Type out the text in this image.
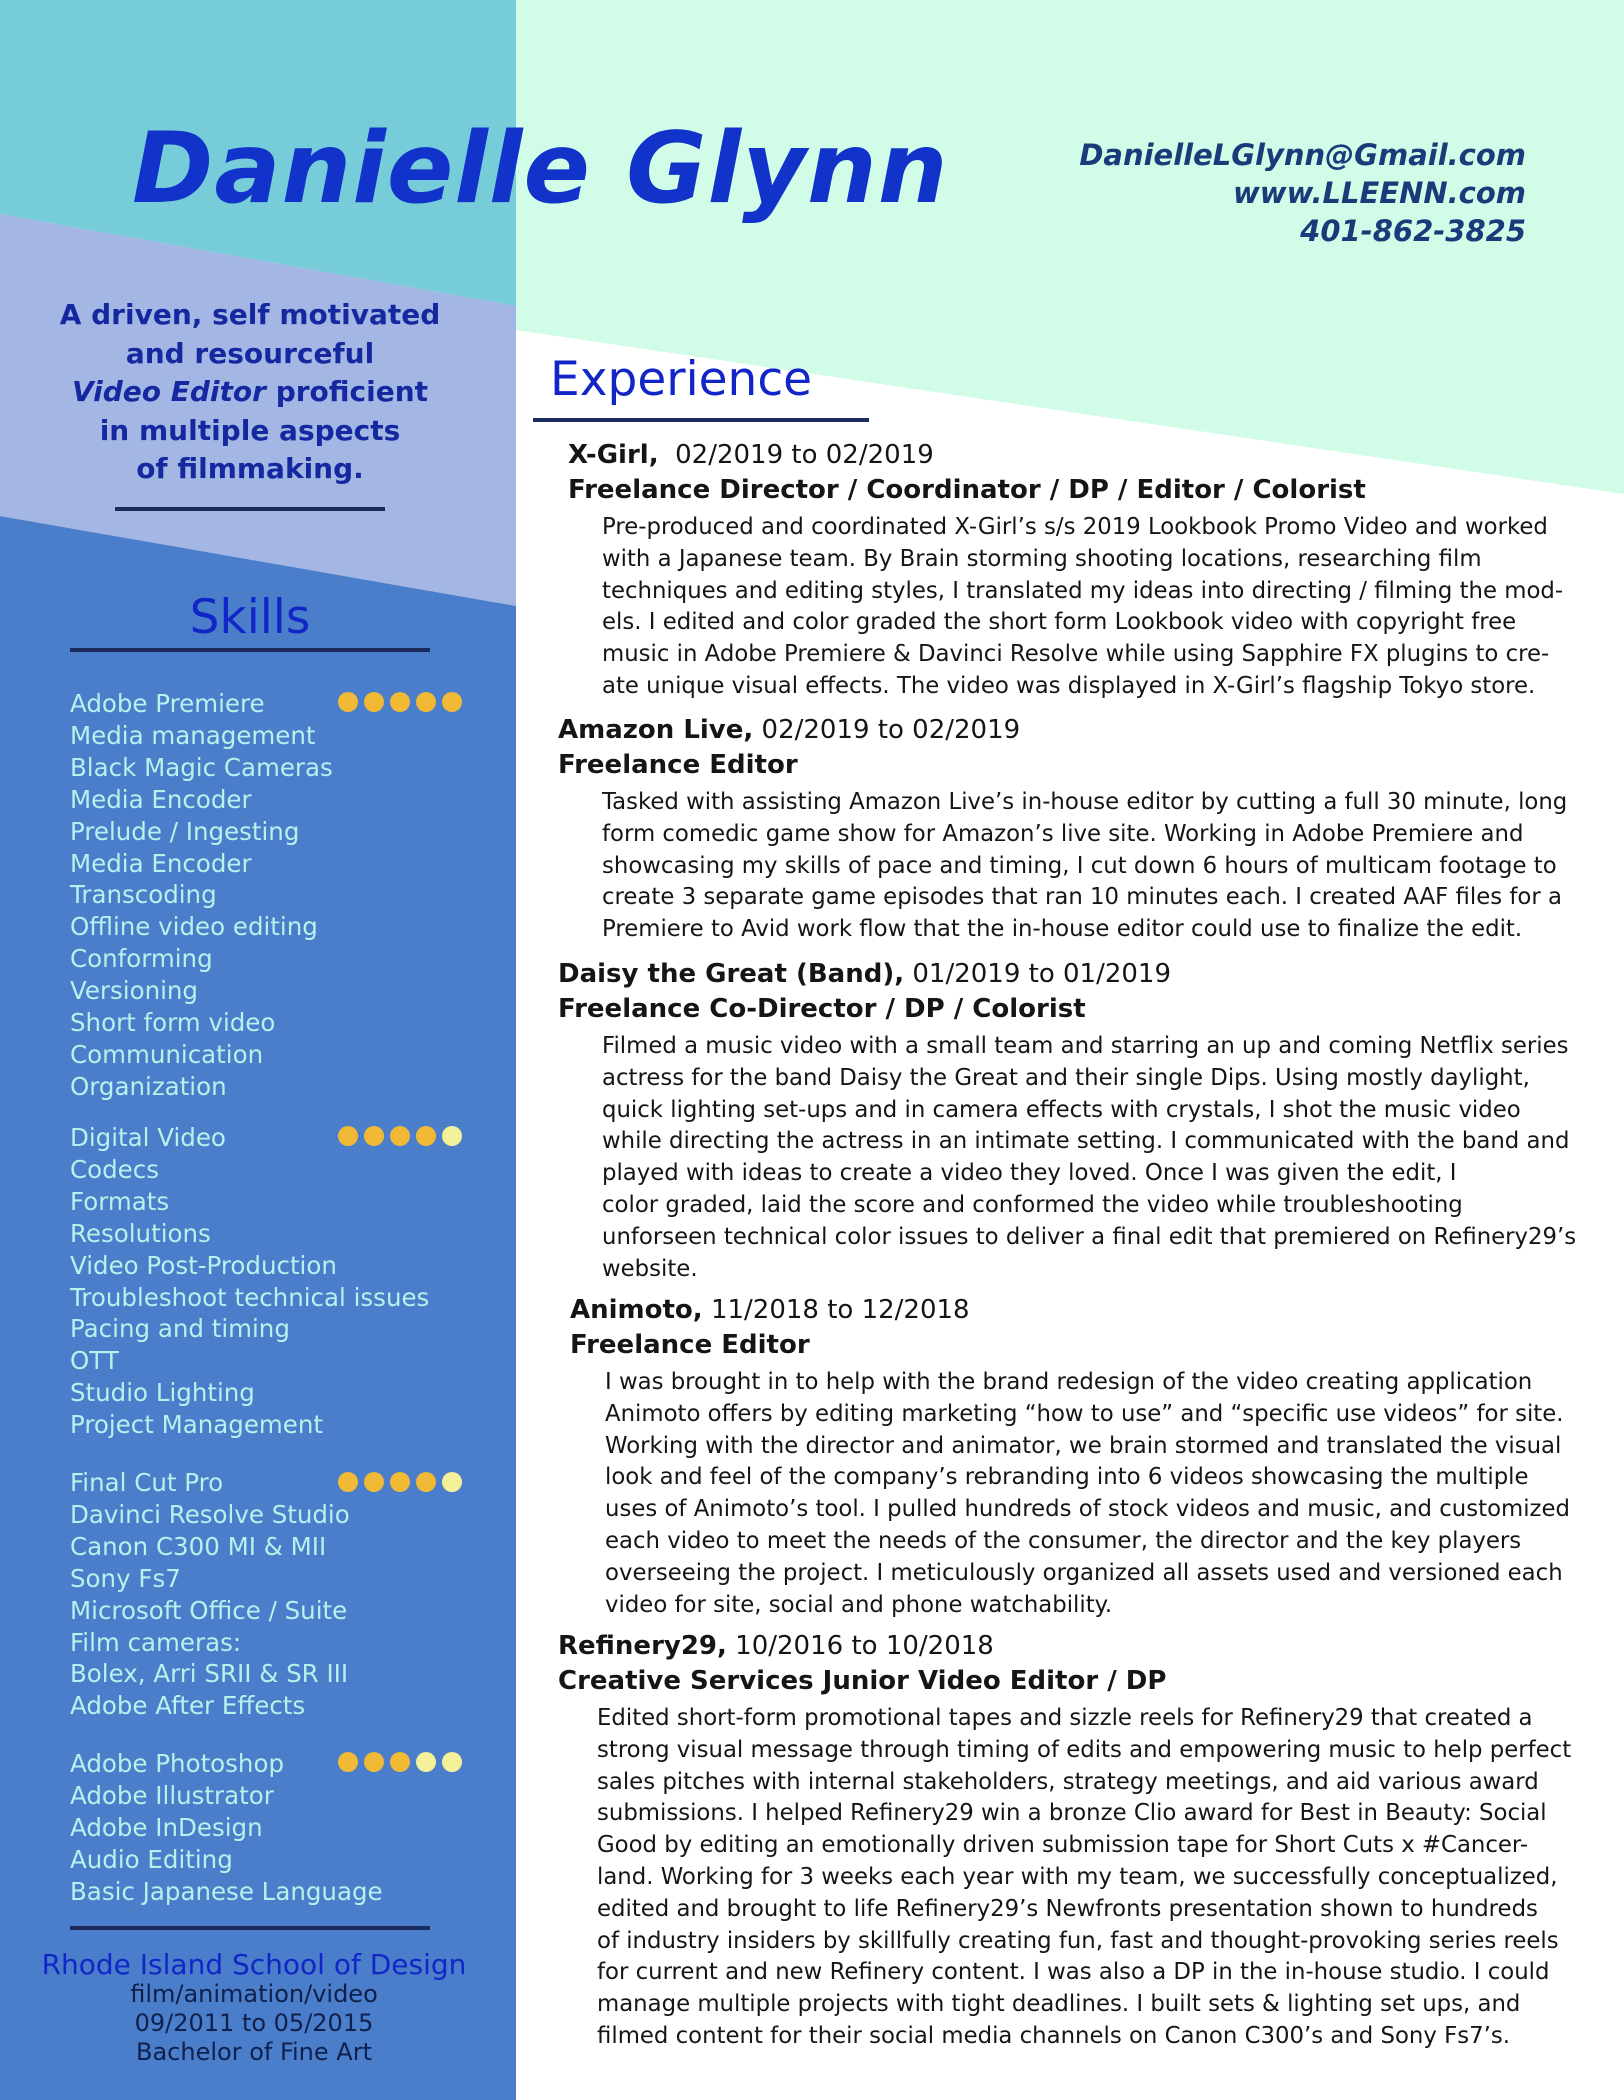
Danielle Glynn	DanielleLGlynn@Gmail.com
www.LLEENN.com
401-862-3825
A driven, self motivated
and resourceful
Video Editor proficient
in multiple aspects
of filmmaking.
Skills
Adobe Premiere
Media management
Black Magic Cameras
Media Encoder
Prelude / Ingesting
Media Encoder
Transcoding
Offline video editing
Conforming
Versioning
Short form video
Communication
Organization
Digital Video
Codecs
Formats
Resolutions
Video Post-Production
Troubleshoot technical issues
Pacing and timing
OTT
Studio Lighting
Project Management
Final Cut Pro
Davinci Resolve Studio
Canon C300 MI & MII
Sony Fs7
Microsoft Office / Suite
Film cameras:
Bolex, Arri SRII & SR III
Adobe After Effects
Adobe Photoshop
Adobe Illustrator
Adobe InDesign
Audio Editing
Basic Japanese Language
Rhode Island School of Design
film/animation/video
09/2011 to 05/2015
Bachelor of Fine Art
Experience
X-Girl, 02/2019 to 02/2019
Freelance Director / Coordinator / DP / Editor / Colorist
Pre-produced and coordinated X-Girl’s s/s 2019 Lookbook Promo Video and worked
with a Japanese team. By Brain storming shooting locations, researching film
techniques and editing styles, I translated my ideas into directing / filming the mod-
els. I edited and color graded the short form Lookbook video with copyright free
music in Adobe Premiere & Davinci Resolve while using Sapphire FX plugins to cre-
ate unique visual effects. The video was displayed in X-Girl’s flagship Tokyo store.
Amazon Live, 02/2019 to 02/2019
Freelance Editor
Tasked with assisting Amazon Live’s in-house editor by cutting a full 30 minute, long
form comedic game show for Amazon’s live site. Working in Adobe Premiere and
showcasing my skills of pace and timing, I cut down 6 hours of multicam footage to
create 3 separate game episodes that ran 10 minutes each. I created AAF files for a
Premiere to Avid work flow that the in-house editor could use to finalize the edit.
Daisy the Great (Band), 01/2019 to 01/2019
Freelance Co-Director / DP / Colorist
Filmed a music video with a small team and starring an up and coming Netflix series
actress for the band Daisy the Great and their single Dips. Using mostly daylight,
quick lighting set-ups and in camera effects with crystals, I shot the music video
while directing the actress in an intimate setting. I communicated with the band and
played with ideas to create a video they loved. Once I was given the edit, I
color graded, laid the score and conformed the video while troubleshooting
unforseen technical color issues to deliver a final edit that premiered on Refinery29’s
website.
Animoto, 11/2018 to 12/2018
Freelance Editor
I was brought in to help with the brand redesign of the video creating application
Animoto offers by editing marketing “how to use” and “specific use videos” for site.
Working with the director and animator, we brain stormed and translated the visual
look and feel of the company’s rebranding into 6 videos showcasing the multiple
uses of Animoto’s tool. I pulled hundreds of stock videos and music, and customized
each video to meet the needs of the consumer, the director and the key players
overseeing the project. I meticulously organized all assets used and versioned each
video for site, social and phone watchability.
Refinery29, 10/2016 to 10/2018
Creative Services Junior Video Editor / DP
Edited short-form promotional tapes and sizzle reels for Refinery29 that created a
strong visual message through timing of edits and empowering music to help perfect
sales pitches with internal stakeholders, strategy meetings, and aid various award
submissions. I helped Refinery29 win a bronze Clio award for Best in Beauty: Social
Good by editing an emotionally driven submission tape for Short Cuts x #Cancer-
land. Working for 3 weeks each year with my team, we successfully conceptualized,
edited and brought to life Refinery29’s Newfronts presentation shown to hundreds
of industry insiders by skillfully creating fun, fast and thought-provoking series reels
for current and new Refinery content. I was also a DP in the in-house studio. I could
manage multiple projects with tight deadlines. I built sets & lighting set ups, and
filmed content for their social media channels on Canon C300’s and Sony Fs7’s.
